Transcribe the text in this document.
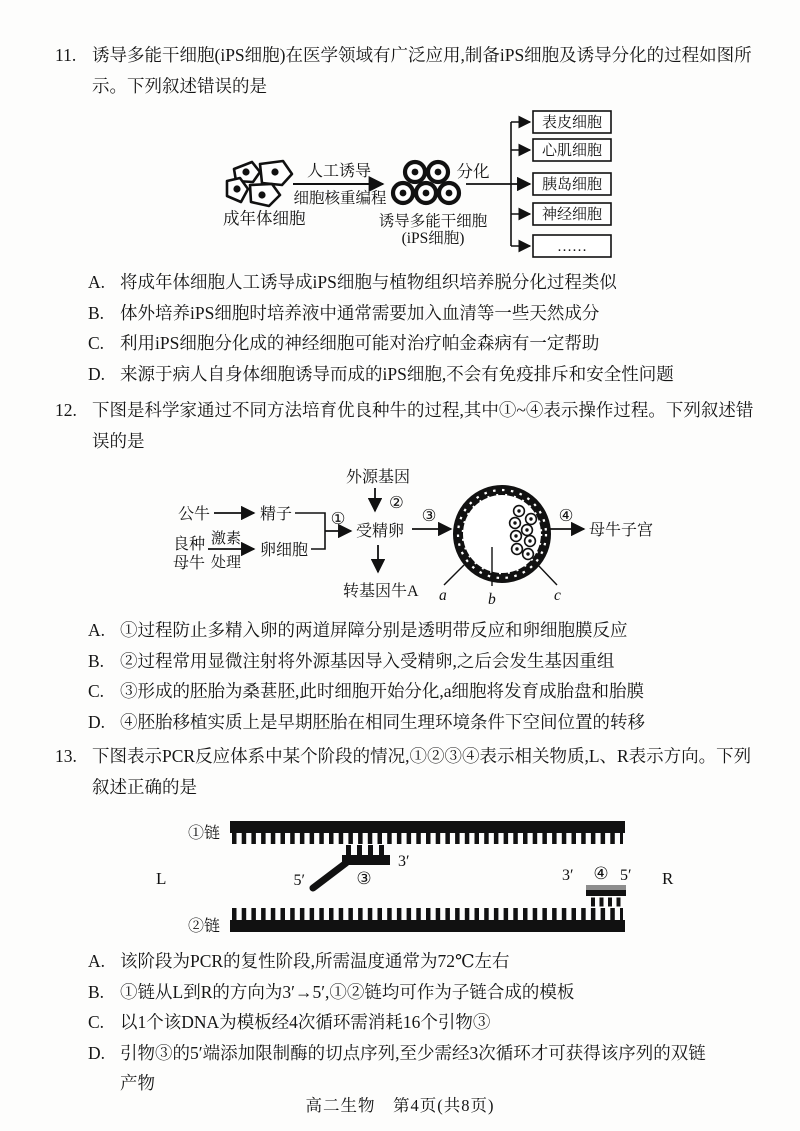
11. 诱导多能干细胞(iPS细胞)在医学领域有广泛应用,制备iPS细胞及诱导分化的过程如图所示。下列叙述错误的是
成年体细胞
人工诱导
细胞核重编程
诱导多能干细胞
(iPS细胞)
分化
表皮细胞
心肌细胞
胰岛细胞
神经细胞
……
A. 将成年体细胞人工诱导成iPS细胞与植物组织培养脱分化过程类似
B. 体外培养iPS细胞时培养液中通常需要加入血清等一些天然成分
C. 利用iPS细胞分化成的神经细胞可能对治疗帕金森病有一定帮助
D. 来源于病人自身体细胞诱导而成的iPS细胞,不会有免疫排斥和安全性问题
12. 下图是科学家通过不同方法培育优良种牛的过程,其中①~④表示操作过程。下列叙述错误的是
公牛	精子
良种
母牛
激素
处理
卵细胞
①
外源基因
②
受精卵
转基因牛A
③
a	b	c
④
母牛子宫
A. ①过程防止多精入卵的两道屏障分别是透明带反应和卵细胞膜反应
B. ②过程常用显微注射将外源基因导入受精卵,之后会发生基因重组
C. ③形成的胚胎为桑葚胚,此时细胞开始分化,a细胞将发育成胎盘和胎膜
D. ④胚胎移植实质上是早期胚胎在相同生理环境条件下空间位置的转移
13. 下图表示PCR反应体系中某个阶段的情况,①②③④表示相关物质,L、R表示方向。下列叙述正确的是
①链
5′	③
3′
L	R
3′ ④ 5′
②链
A. 该阶段为PCR的复性阶段,所需温度通常为72℃左右
B. ①链从L到R的方向为3′→5′,①②链均可作为子链合成的模板
C. 以1个该DNA为模板经4次循环需消耗16个引物③
D. 引物③的5′端添加限制酶的切点序列,至少需经3次循环才可获得该序列的双链产物
高二生物　第4页(共8页)
